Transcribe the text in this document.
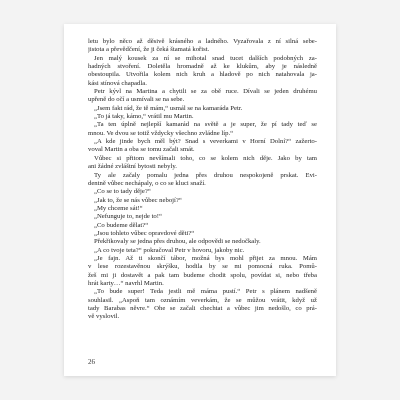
letu bylo něco až děsivě krásného a ladného. Vyzařovala z ní silná sebe-
jistota a převědčení, že ji čeká štamatá kořist.
Jen malý kousek za ní se mihotal snad tucet dalších podobných za-
hadných stvoření. Doletěla hromadně až ke klukům, aby je následně
obestoupila. Utvořila kolem nich kruh a hladově po nich natahovala ja-
kási stínová chapadla.
Petr kývl na Martina a chytili se za obě ruce. Dívali se jeden druhému
upřeně do očí a usmívali se na sebe.
„Jsem fakt rád, že tě mám,“ usmál se na kamaráda Petr.
„To já taky, kámo,“ vrátil mu Martin.
„Ta ten úplně nejlepší kamarád na světě a je super, že pí tady teď se
mnou. Ve dvou se totiž vždycky všechno zvládne líp.“
„A kde jinde bych měl být? Snad s veverkami v Horní Dolní?“ zažerto-
voval Martin a oba se tomu začali smát.
Vůbec si přitom nevšímali toho, co se kolem nich děje. Jako by tam
ani žádné zvláštní bytosti nebyly.
Ty ale začaly pomalu jedna přes druhou nespokojeně prskat. Evi-
dentně vůbec nechápaly, o co se kluci snaží.
„Co se to tady děje?“
„Jak to, že se nás vůbec nebojí?“
„My chceme sát!“
„Nefunguje to, nejde to!“
„Co budeme dělat?“
„Jsou tohleto vůbec opravdové děti?“
Překřikovaly se jedna přes druhou, ale odpovědi se nedočkaly.
„A co tvoje teta?“ pokračoval Petr v hovoru, jakoby nic.
„Je fajn. Až ti skončí tábor, možná bys mohl přijet za mnou. Mám
v lese rozestavěnou skrýšku, hodila by se mi pomocná ruka. Pomů-
žeš mi ji dostavět a pak tam budeme chodit spolu, povídat si, nebo třeba
hrát karty…“ navrhl Martin.
„To bude super! Teda jestli mě máma pustí.“ Petr s plánem nadšeně
souhlasil. „Aspoň tam oznámím veverkám, že se můžou vrátit, když už
tady Barabas něvre.“ Ohe se začali chechtat a vůbec jim nedošlo, co prá-
vě vyslovil.
26
